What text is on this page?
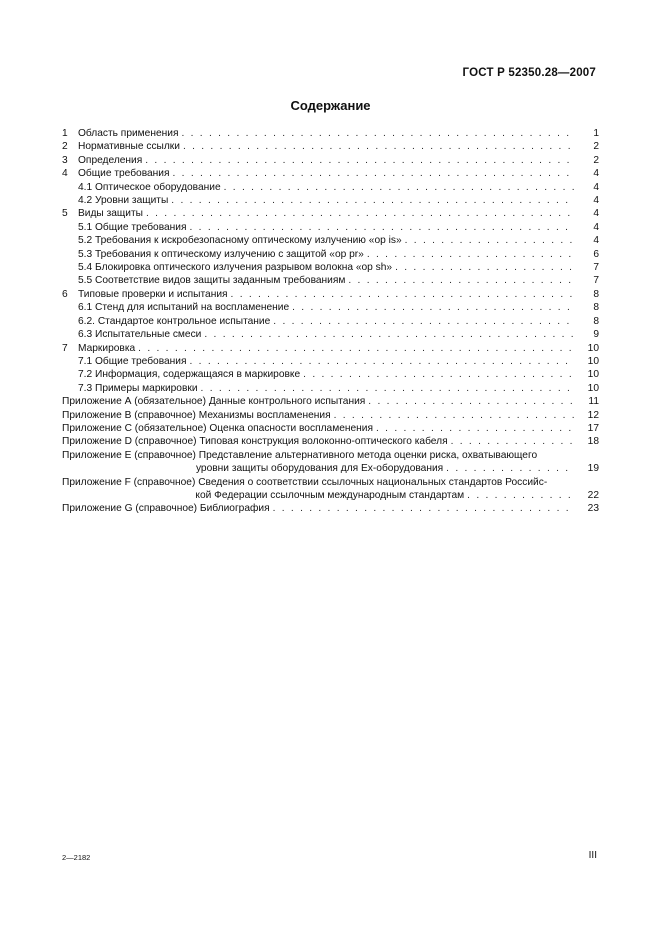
ГОСТ Р 52350.28—2007
Содержание
1	Область применения . . .	1
2	Нормативные ссылки . . .	2
3	Определения . . .	2
4	Общие требования . . .	4
4.1 Оптическое оборудование . . .	4
4.2 Уровни защиты . . .	4
5	Виды защиты . . .	4
5.1 Общие требования . . .	4
5.2 Требования к искробезопасному оптическому излучению «op is» . . .	4
5.3 Требования к оптическому излучению с защитой «op pr» . . .	6
5.4 Блокировка оптического излучения разрывом волокна «op sh» . . .	7
5.5 Соответствие видов защиты заданным требованиям . . .	7
6	Типовые проверки и испытания . . .	8
6.1 Стенд для испытаний на воспламенение . . .	8
6.2. Стандартое контрольное испытание . . .	8
6.3 Испытательные смеси . . .	9
7	Маркировка . . .	10
7.1 Общие требования . . .	10
7.2 Информация, содержащаяся в маркировке . . .	10
7.3 Примеры маркировки . . .	10
Приложение А (обязательное) Данные контрольного испытания . . .	11
Приложение В (справочное) Механизмы воспламенения . . .	12
Приложение С (обязательное) Оценка опасности воспламенения . . .	17
Приложение D (справочное) Типовая конструкция волоконно-оптического кабеля . . .	18
Приложение Е (справочное) Представление альтернативного метода оценки риска, охватывающего
уровни защиты оборудования для Ех-оборудования . . .	19
Приложение F (справочное) Сведения о соответствии ссылочных национальных стандартов Российс-
кой Федерации ссылочным международным стандартам . . .	22
Приложение G (справочное) Библиография . . .	23
2—2182	III
